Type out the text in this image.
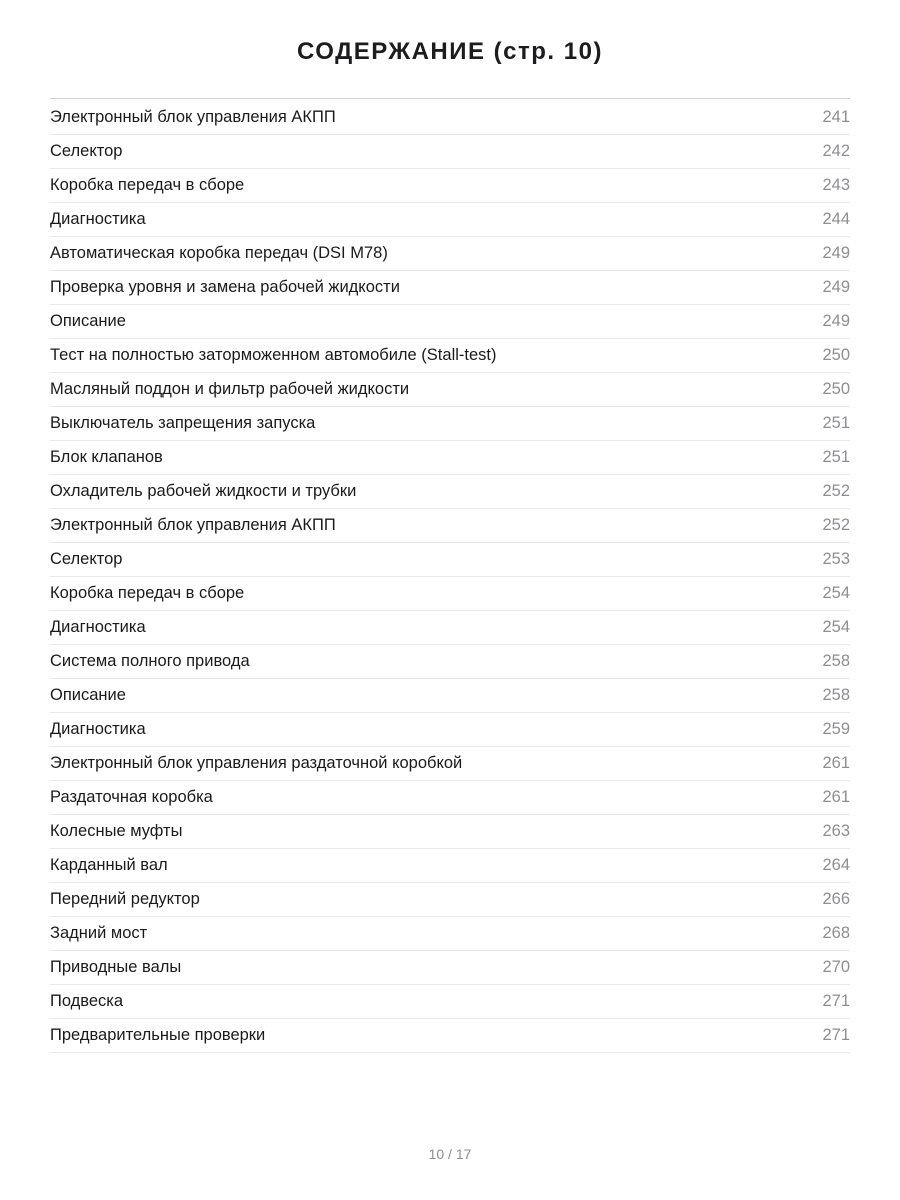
СОДЕРЖАНИЕ (стр. 10)
Электронный блок управления АКПП	241
Селектор	242
Коробка передач в сборе	243
Диагностика	244
Автоматическая коробка передач (DSI M78)	249
Проверка уровня и замена рабочей жидкости	249
Описание	249
Тест на полностью заторможенном автомобиле (Stall-test)	250
Масляный поддон и фильтр рабочей жидкости	250
Выключатель запрещения запуска	251
Блок клапанов	251
Охладитель рабочей жидкости и трубки	252
Электронный блок управления АКПП	252
Селектор	253
Коробка передач в сборе	254
Диагностика	254
Система полного привода	258
Описание	258
Диагностика	259
Электронный блок управления раздаточной коробкой	261
Раздаточная коробка	261
Колесные муфты	263
Карданный вал	264
Передний редуктор	266
Задний мост	268
Приводные валы	270
Подвеска	271
Предварительные проверки	271
10 / 17
